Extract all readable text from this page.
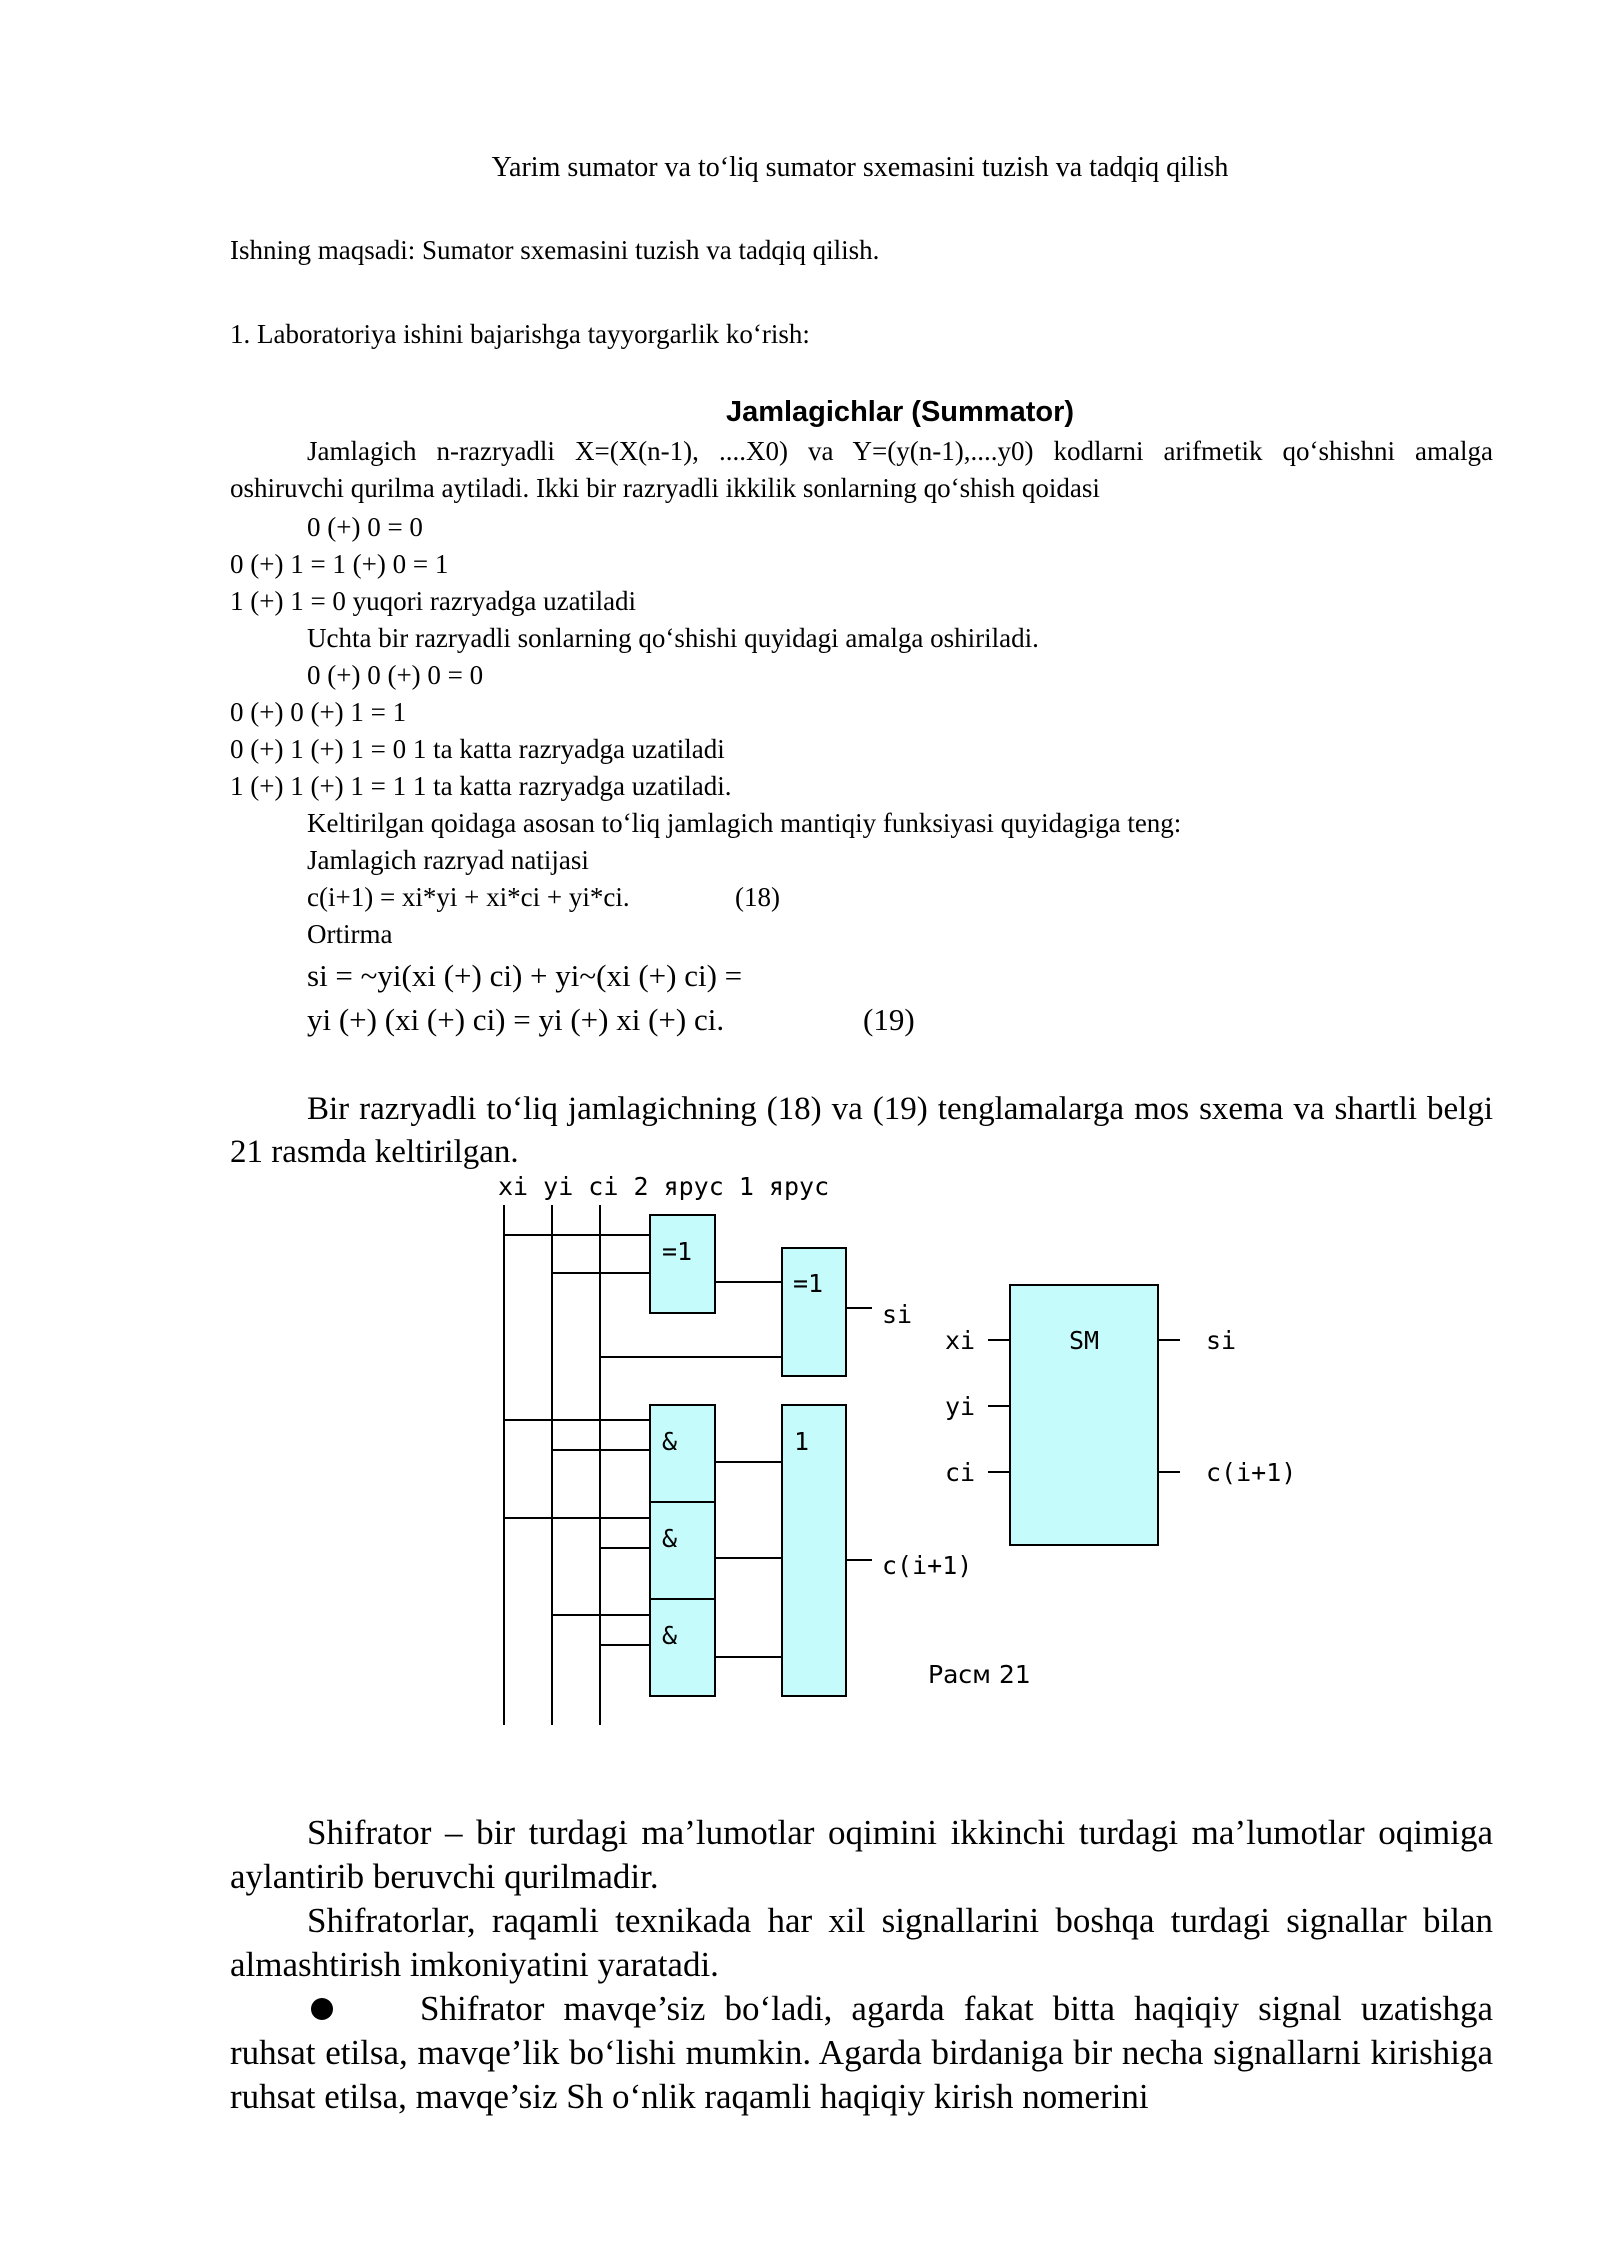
Yarim sumator va to‘liq sumator sxemasini tuzish va tadqiq qilish
Ishning maqsadi: Sumator sxemasini tuzish va tadqiq qilish.
1. Laboratoriya ishini bajarishga tayyorgarlik ko‘rish:
Jamlagichlar (Summator)
Jamlagich n-razryadli X=(X(n-1), ....X0) va Y=(y(n-1),....y0) kodlarni arifmetik qo‘shishni amalga oshiruvchi qurilma aytiladi. Ikki bir razryadli ikkilik sonlarning qo‘shish qoidasi
0 (+) 0 = 0
0 (+) 1 = 1 (+) 0 = 1
1 (+) 1 = 0 yuqori razryadga uzatiladi
Uchta bir razryadli sonlarning qo‘shishi quyidagi amalga oshiriladi.
0 (+) 0 (+) 0 = 0
0 (+) 0 (+) 1 = 1
0 (+) 1 (+) 1 = 0 1 ta katta razryadga uzatiladi
1 (+) 1 (+) 1 = 1 1 ta katta razryadga uzatiladi.
Keltirilgan qoidaga asosan to‘liq jamlagich mantiqiy funksiyasi quyidagiga teng:
Jamlagich razryad natijasi
c(i+1) = xi*yi + xi*ci + yi*ci.	(18)
Ortirma
si = ~yi(xi (+) ci) + yi~(xi (+) ci) =
yi (+) (xi (+) ci) = yi (+) xi (+) ci.	(19)
Bir razryadli to‘liq jamlagichning (18) va (19) tenglamalarga mos sxema va shartli belgi 21 rasmda keltirilgan.
xi yi ci 2 ярус 1 ярус
=1
=1
&
&
&
1
si
c(i+1)
SM
xi
yi
ci
si
c(i+1)
Расм 21
Shifrator – bir turdagi ma’lumotlar oqimini ikkinchi turdagi ma’lumotlar oqimiga aylantirib beruvchi qurilmadir.
Shifratorlar, raqamli texnikada har xil signallarini boshqa turdagi signallar bilan almashtirish imkoniyatini yaratadi.
Shifrator mavqe’siz bo‘ladi, agarda fakat bitta haqiqiy signal uzatishga ruhsat etilsa, mavqe’lik bo‘lishi mumkin. Agarda birdaniga bir necha signallarni kirishiga ruhsat etilsa, mavqe’siz Sh o‘nlik raqamli haqiqiy kirish nomerini
